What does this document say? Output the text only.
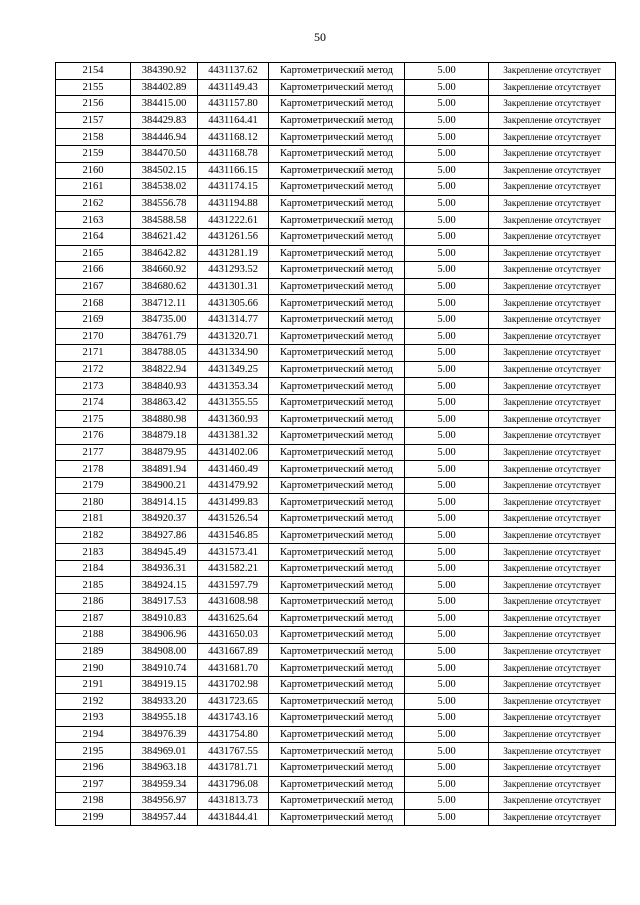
50
2154	384390.92	4431137.62	Картометрический метод	5.00	Закрепление отсутствует
2155	384402.89	4431149.43	Картометрический метод	5.00	Закрепление отсутствует
2156	384415.00	4431157.80	Картометрический метод	5.00	Закрепление отсутствует
2157	384429.83	4431164.41	Картометрический метод	5.00	Закрепление отсутствует
2158	384446.94	4431168.12	Картометрический метод	5.00	Закрепление отсутствует
2159	384470.50	4431168.78	Картометрический метод	5.00	Закрепление отсутствует
2160	384502.15	4431166.15	Картометрический метод	5.00	Закрепление отсутствует
2161	384538.02	4431174.15	Картометрический метод	5.00	Закрепление отсутствует
2162	384556.78	4431194.88	Картометрический метод	5.00	Закрепление отсутствует
2163	384588.58	4431222.61	Картометрический метод	5.00	Закрепление отсутствует
2164	384621.42	4431261.56	Картометрический метод	5.00	Закрепление отсутствует
2165	384642.82	4431281.19	Картометрический метод	5.00	Закрепление отсутствует
2166	384660.92	4431293.52	Картометрический метод	5.00	Закрепление отсутствует
2167	384680.62	4431301.31	Картометрический метод	5.00	Закрепление отсутствует
2168	384712.11	4431305.66	Картометрический метод	5.00	Закрепление отсутствует
2169	384735.00	4431314.77	Картометрический метод	5.00	Закрепление отсутствует
2170	384761.79	4431320.71	Картометрический метод	5.00	Закрепление отсутствует
2171	384788.05	4431334.90	Картометрический метод	5.00	Закрепление отсутствует
2172	384822.94	4431349.25	Картометрический метод	5.00	Закрепление отсутствует
2173	384840.93	4431353.34	Картометрический метод	5.00	Закрепление отсутствует
2174	384863.42	4431355.55	Картометрический метод	5.00	Закрепление отсутствует
2175	384880.98	4431360.93	Картометрический метод	5.00	Закрепление отсутствует
2176	384879.18	4431381.32	Картометрический метод	5.00	Закрепление отсутствует
2177	384879.95	4431402.06	Картометрический метод	5.00	Закрепление отсутствует
2178	384891.94	4431460.49	Картометрический метод	5.00	Закрепление отсутствует
2179	384900.21	4431479.92	Картометрический метод	5.00	Закрепление отсутствует
2180	384914.15	4431499.83	Картометрический метод	5.00	Закрепление отсутствует
2181	384920.37	4431526.54	Картометрический метод	5.00	Закрепление отсутствует
2182	384927.86	4431546.85	Картометрический метод	5.00	Закрепление отсутствует
2183	384945.49	4431573.41	Картометрический метод	5.00	Закрепление отсутствует
2184	384936.31	4431582.21	Картометрический метод	5.00	Закрепление отсутствует
2185	384924.15	4431597.79	Картометрический метод	5.00	Закрепление отсутствует
2186	384917.53	4431608.98	Картометрический метод	5.00	Закрепление отсутствует
2187	384910.83	4431625.64	Картометрический метод	5.00	Закрепление отсутствует
2188	384906.96	4431650.03	Картометрический метод	5.00	Закрепление отсутствует
2189	384908.00	4431667.89	Картометрический метод	5.00	Закрепление отсутствует
2190	384910.74	4431681.70	Картометрический метод	5.00	Закрепление отсутствует
2191	384919.15	4431702.98	Картометрический метод	5.00	Закрепление отсутствует
2192	384933.20	4431723.65	Картометрический метод	5.00	Закрепление отсутствует
2193	384955.18	4431743.16	Картометрический метод	5.00	Закрепление отсутствует
2194	384976.39	4431754.80	Картометрический метод	5.00	Закрепление отсутствует
2195	384969.01	4431767.55	Картометрический метод	5.00	Закрепление отсутствует
2196	384963.18	4431781.71	Картометрический метод	5.00	Закрепление отсутствует
2197	384959.34	4431796.08	Картометрический метод	5.00	Закрепление отсутствует
2198	384956.97	4431813.73	Картометрический метод	5.00	Закрепление отсутствует
2199	384957.44	4431844.41	Картометрический метод	5.00	Закрепление отсутствует
